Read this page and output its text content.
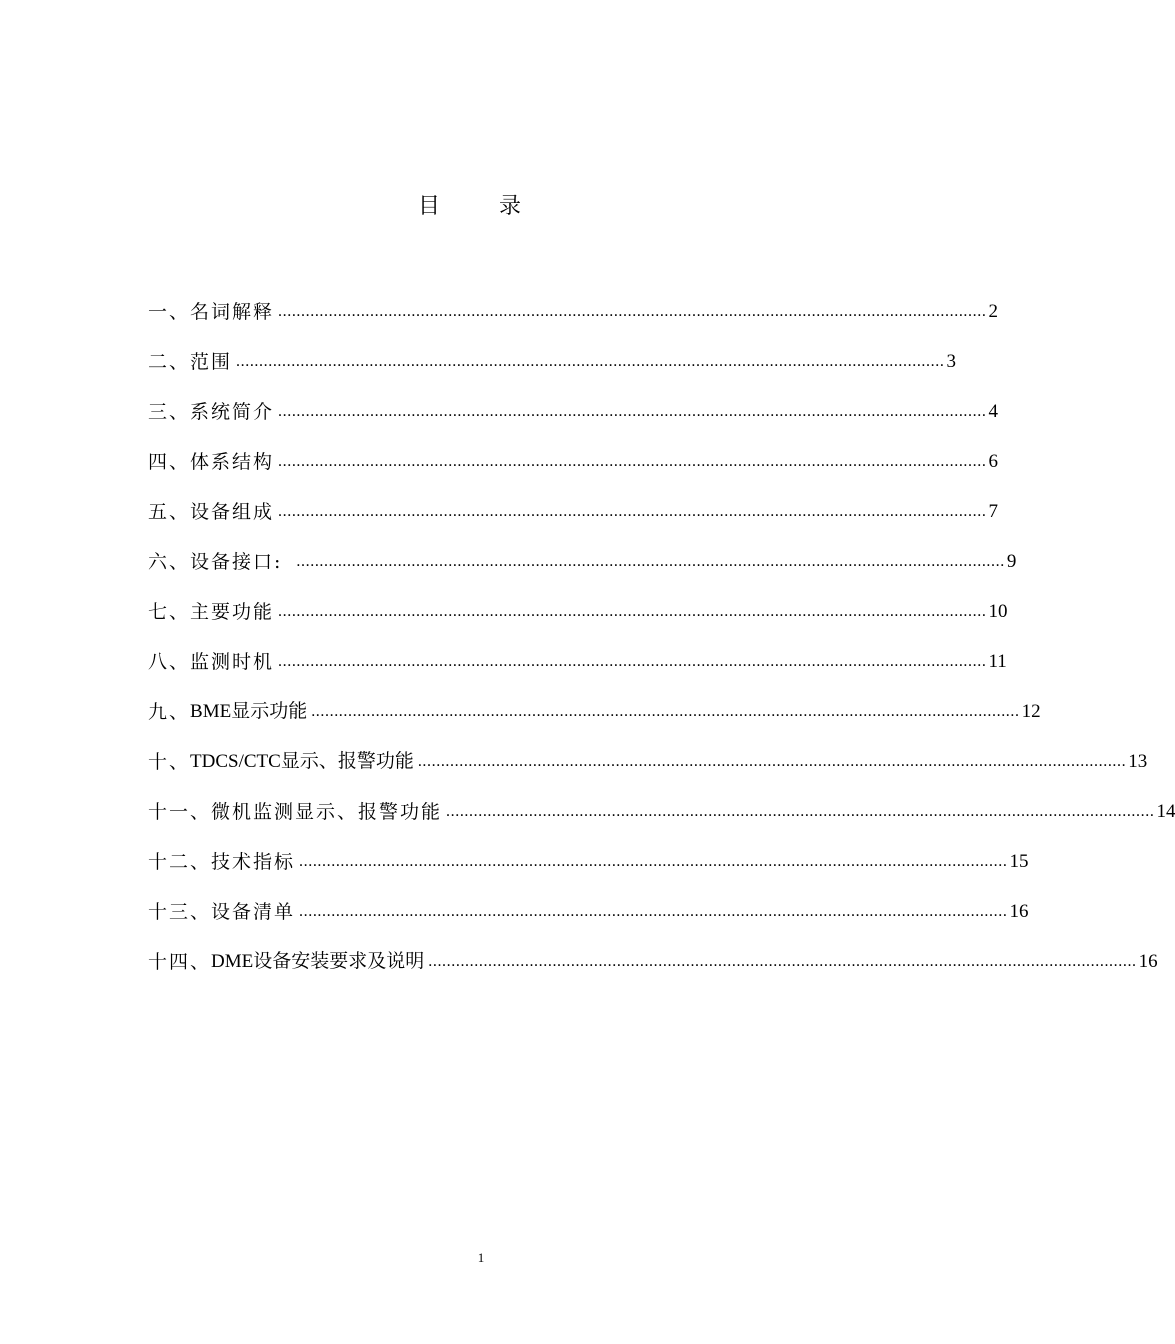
目 录
一、 名词解释 .......................................................................................................................................................... 2
二、 范围 .......................................................................................................................................................... 3
三、 系统简介 .......................................................................................................................................................... 4
四、 体系结构 .......................................................................................................................................................... 6
五、 设备组成 .......................................................................................................................................................... 7
六、 设备接口: .......................................................................................................................................................... 9
七、 主要功能 .......................................................................................................................................................... 10
八、 监测时机 .......................................................................................................................................................... 11
九、 BME显示功能 .......................................................................................................................................................... 12
十、 TDCS/CTC显示、报警功能 .......................................................................................................................................................... 13
十一、 微机监测显示、报警功能 .......................................................................................................................................................... 14
十二、 技术指标 .......................................................................................................................................................... 15
十三、 设备清单 .......................................................................................................................................................... 16
十四、 DME设备安装要求及说明 .......................................................................................................................................................... 16
1
